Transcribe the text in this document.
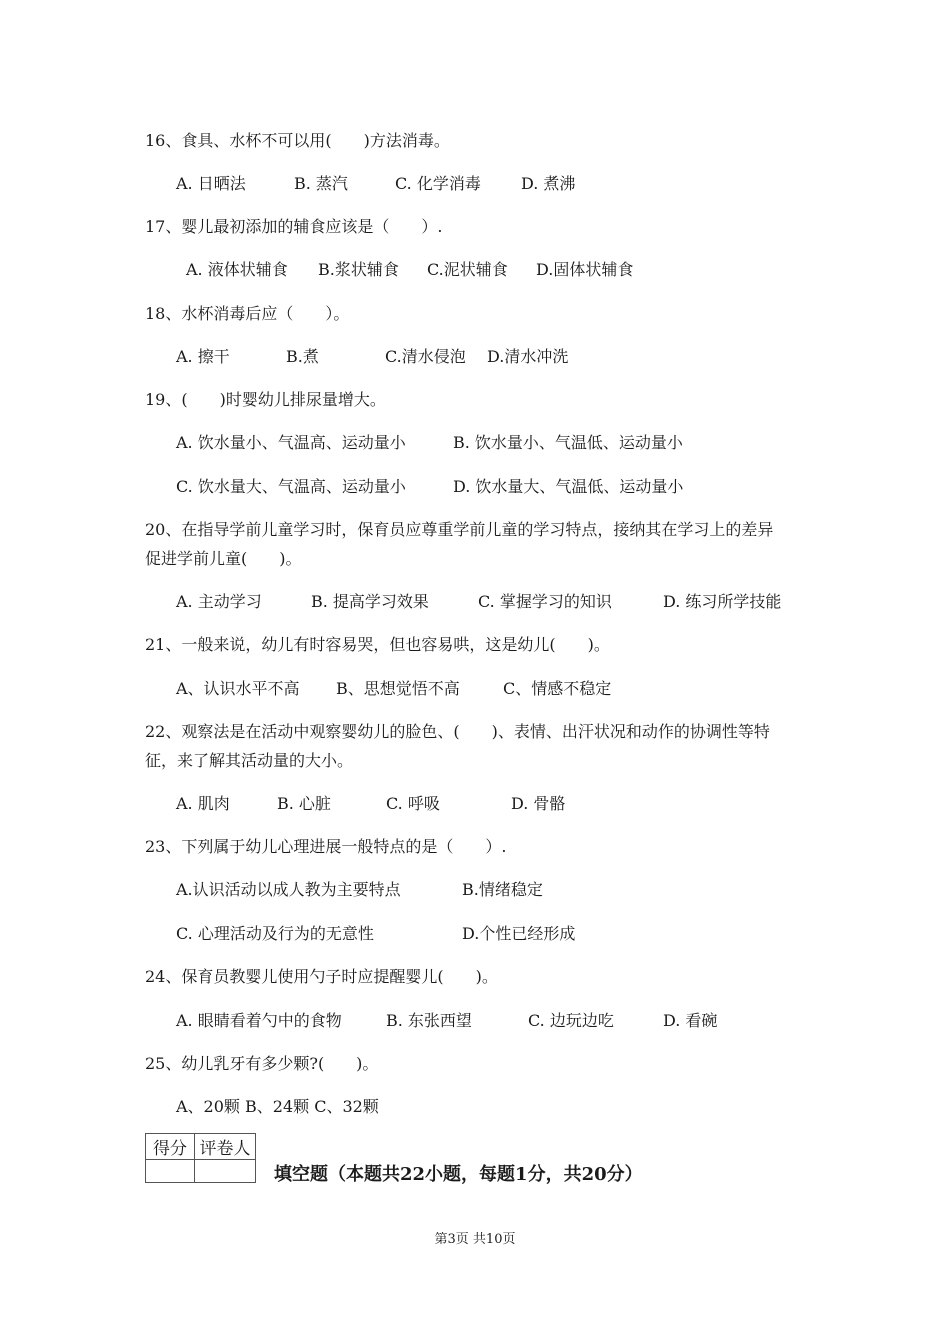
16、食具、水杯不可以用(　　)方法消毒。
A. 日晒法	B. 蒸汽	C. 化学消毒	D. 煮沸
17、婴儿最初添加的辅食应该是（　　）.
A. 液体状辅食 B.浆状辅食 C.泥状辅食 D.固体状辅食
18、水杯消毒后应（　　）。
A. 擦干	B.煮	C.清水侵泡 D.清水冲洗
19、(　　)时婴幼儿排尿量增大。
A. 饮水量小、气温高、运动量小	B. 饮水量小、气温低、运动量小
C. 饮水量大、气温高、运动量小	D. 饮水量大、气温低、运动量小
20、在指导学前儿童学习时，保育员应尊重学前儿童的学习特点，接纳其在学习上的差异
促进学前儿童(　　)。
A. 主动学习	B. 提高学习效果	C. 掌握学习的知识	D. 练习所学技能
21、一般来说，幼儿有时容易哭，但也容易哄，这是幼儿(　　)。
A、认识水平不高 B、思想觉悟不高	C、情感不稳定
22、观察法是在活动中观察婴幼儿的脸色、(　　)、表情、出汗状况和动作的协调性等特
征，来了解其活动量的大小。
A. 肌肉	B. 心脏	C. 呼吸	D. 骨骼
23、下列属于幼儿心理进展一般特点的是（　　）.
A.认识活动以成人教为主要特点	B.情绪稳定
C. 心理活动及行为的无意性	D.个性已经形成
24、保育员教婴儿使用勺子时应提醒婴儿(　　)。
A. 眼睛看着勺中的食物	B. 东张西望	C. 边玩边吃	D. 看碗
25、幼儿乳牙有多少颗?(　　)。
A、20颗 B、24颗 C、32颗
得分	评卷人

填空题（本题共22小题，每题1分，共20分）
第3页 共10页
